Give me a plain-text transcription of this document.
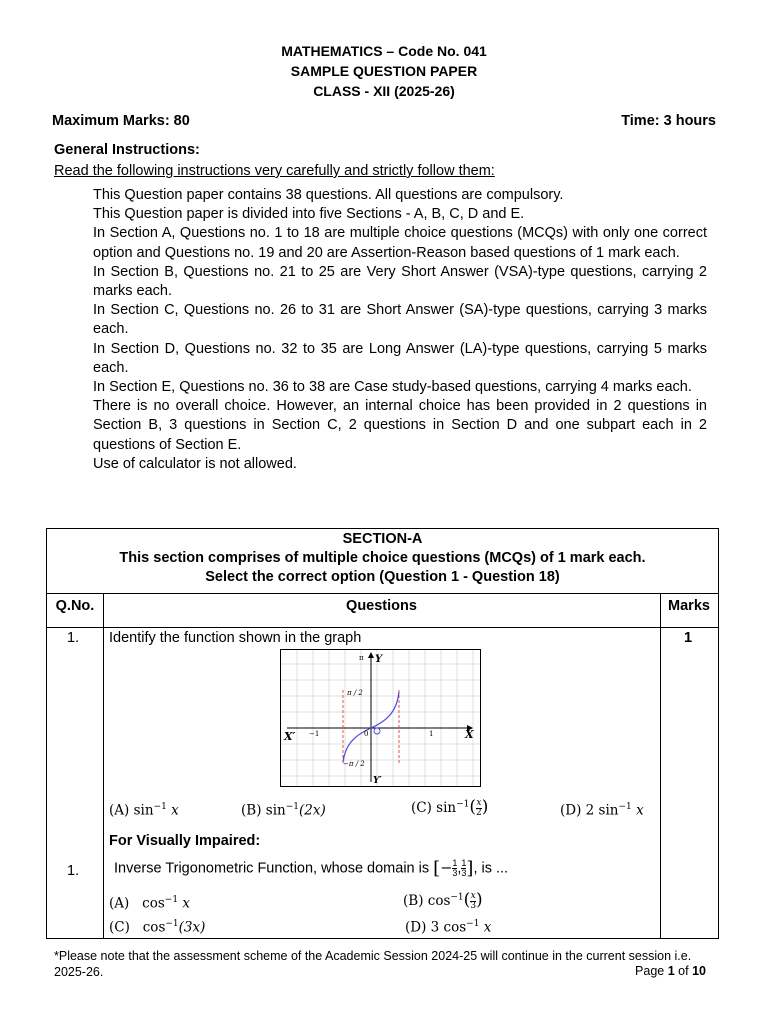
MATHEMATICS – Code No. 041
SAMPLE QUESTION PAPER
CLASS - XII (2025-26)
Maximum Marks: 80	Time: 3 hours
General Instructions:
Read the following instructions very carefully and strictly follow them:

This Question paper contains 38 questions. All questions are compulsory.

This Question paper is divided into five Sections - A, B, C, D and E.

In Section A, Questions no. 1 to 18 are multiple choice questions (MCQs) with only one correct option and Questions no. 19 and 20 are Assertion-Reason based questions of 1 mark each.

In Section B, Questions no. 21 to 25 are Very Short Answer (VSA)-type questions, carrying 2 marks each.

In Section C, Questions no. 26 to 31 are Short Answer (SA)-type questions, carrying 3 marks each.

In Section D, Questions no. 32 to 35 are Long Answer (LA)-type questions, carrying 5 marks each.

In Section E, Questions no. 36 to 38 are Case study-based questions, carrying 4 marks each.

There is no overall choice. However, an internal choice has been provided in 2 questions in Section B, 3 questions in Section C, 2 questions in Section D and one subpart each in 2 questions of Section E.

Use of calculator is not allowed.

SECTION-A
This section comprises of multiple choice questions (MCQs) of 1 mark each.
Select the correct option (Question 1 - Question 18)
Q.No.	Questions	Marks
1. Identify the function shown in the graph	1
Y
π
π / 2
−π / 2
X
X′
Y′
−1	1
0
(A) $\sin^{-1} x$	(B) $\sin^{-1}(2x)$	(C) $\sin^{-1}( \frac{x}{2}$ )	(D) 2 $\sin^{-1} x$
For Visually Impaired:
1. Inverse Trigonometric Function, whose domain is [− $\frac{1}{3}$ , $\frac{1}{3}$ ], is ...
(A) $\cos^{-1} x$	(B) $\cos^{-1}( \frac{x}{3}$ )
(C) $\cos^{-1}(3x)$	(D) 3 $\cos^{-1} x$
*Please note that the assessment scheme of the Academic Session 2024-25 will continue in the current session i.e. 2025-26.	Page 1 of 10
